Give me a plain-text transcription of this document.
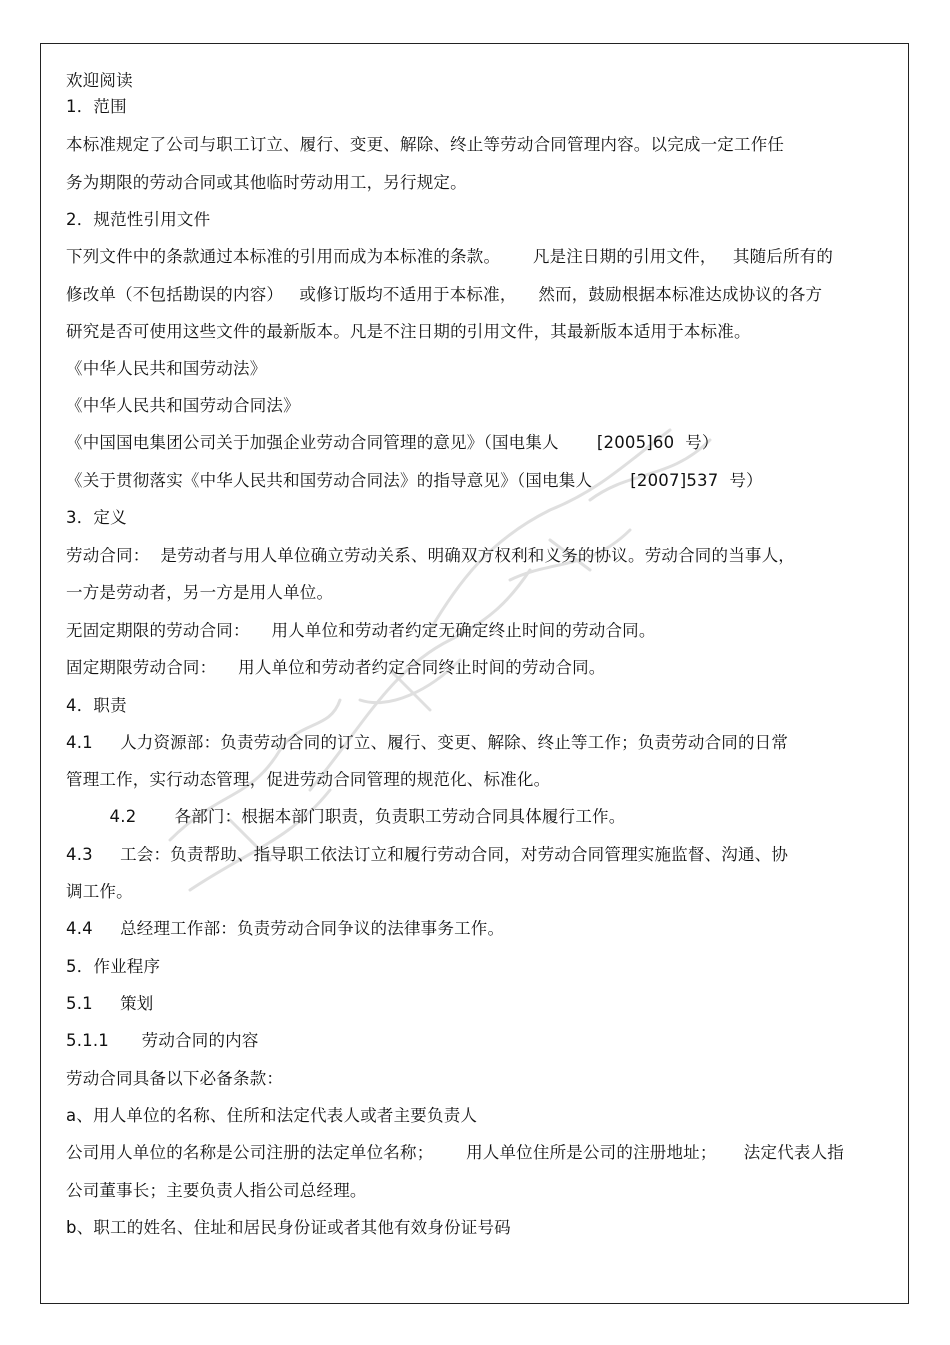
欢迎阅读
1．范围
本标准规定了公司与职工订立、履行、变更、解除、终止等劳动合同管理内容。以完成一定工作任
务为期限的劳动合同或其他临时劳动用工，另行规定。
2．规范性引用文件
下列文件中的条款通过本标准的引用而成为本标准的条款。      凡是注日期的引用文件，   其随后所有的
修改单（不包括勘误的内容）   或修订版均不适用于本标准，    然而，鼓励根据本标准达成协议的各方
研究是否可使用这些文件的最新版本。凡是不注日期的引用文件，其最新版本适用于本标准。
《中华人民共和国劳动法》
《中华人民共和国劳动合同法》
《中国国电集团公司关于加强企业劳动合同管理的意见》（国电集人       [2005]60  号）
《关于贯彻落实《中华人民共和国劳动合同法》的指导意见》（国电集人       [2007]537  号）
3．定义
劳动合同：  是劳动者与用人单位确立劳动关系、明确双方权利和义务的协议。劳动合同的当事人，
一方是劳动者，另一方是用人单位。
无固定期限的劳动合同：    用人单位和劳动者约定无确定终止时间的劳动合同。
固定期限劳动合同：    用人单位和劳动者约定合同终止时间的劳动合同。
4．职责
4.1     人力资源部：负责劳动合同的订立、履行、变更、解除、终止等工作；负责劳动合同的日常
管理工作，实行动态管理，促进劳动合同管理的规范化、标准化。
4.2       各部门：根据本部门职责，负责职工劳动合同具体履行工作。
4.3     工会：负责帮助、指导职工依法订立和履行劳动合同，对劳动合同管理实施监督、沟通、协
调工作。
4.4     总经理工作部：负责劳动合同争议的法律事务工作。
5．作业程序
5.1     策划
5.1.1      劳动合同的内容
劳动合同具备以下必备条款：
a、用人单位的名称、住所和法定代表人或者主要负责人
公司用人单位的名称是公司注册的法定单位名称；      用人单位住所是公司的注册地址；     法定代表人指
公司董事长；主要负责人指公司总经理。
b、职工的姓名、住址和居民身份证或者其他有效身份证号码
